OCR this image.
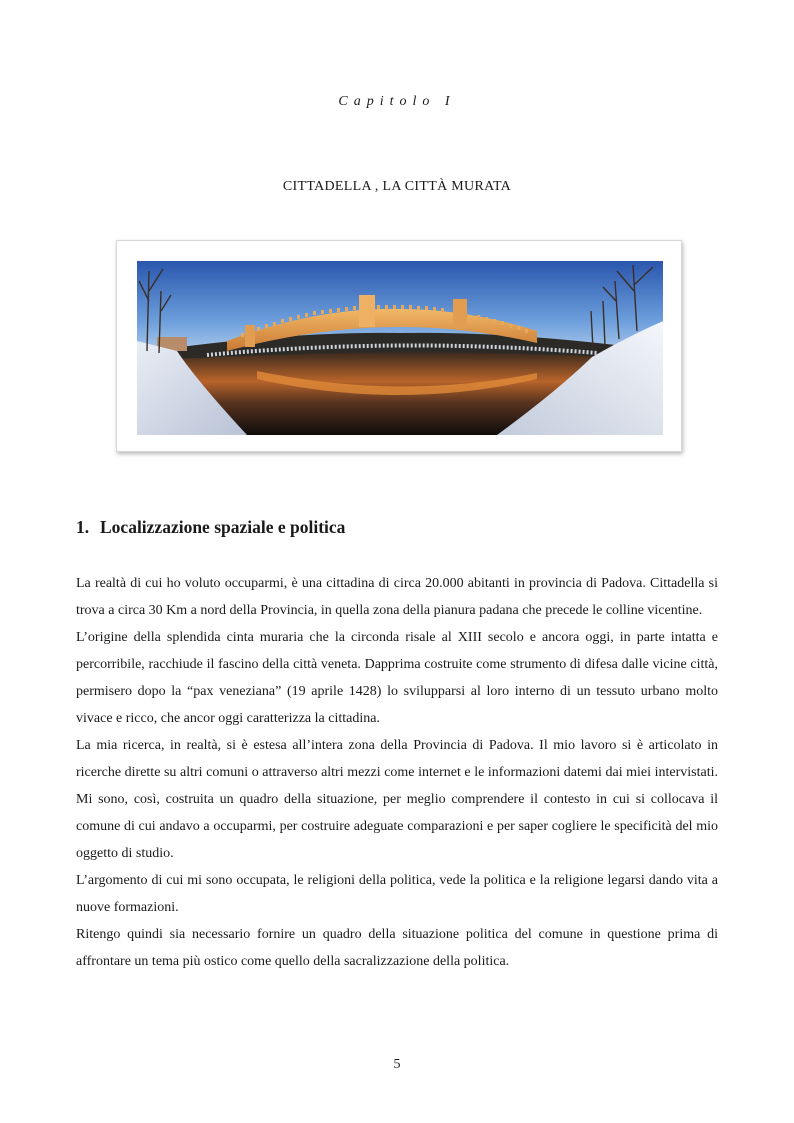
Capitolo I
CITTADELLA , LA CITTÀ MURATA
1. Localizzazione spaziale e politica

La realtà di cui ho voluto occuparmi, è una cittadina di circa 20.000 abitanti in provincia di Padova. Cittadella si trova a circa 30 Km a nord della Provincia, in quella zona della pianura padana che precede le colline vicentine.

L’origine della splendida cinta muraria che la circonda risale al XIII secolo e ancora oggi, in parte intatta e percorribile, racchiude il fascino della città veneta. Dapprima costruite come strumento di difesa dalle vicine città, permisero dopo la “pax veneziana” (19 aprile 1428) lo svilupparsi al loro interno di un tessuto urbano molto vivace e ricco, che ancor oggi caratterizza la cittadina.

La mia ricerca, in realtà, si è estesa all’intera zona della Provincia di Padova. Il mio lavoro si è articolato in ricerche dirette su altri comuni o attraverso altri mezzi come internet e le informazioni datemi dai miei intervistati. Mi sono, così, costruita un quadro della situazione, per meglio comprendere il contesto in cui si collocava il comune di cui andavo a occuparmi, per costruire adeguate comparazioni e per saper cogliere le specificità del mio oggetto di studio.

L’argomento di cui mi sono occupata, le religioni della politica, vede la politica e la religione legarsi dando vita a nuove formazioni.

Ritengo quindi sia necessario fornire un quadro della situazione politica del comune in questione prima di affrontare un tema più ostico come quello della sacralizzazione della politica.

5
